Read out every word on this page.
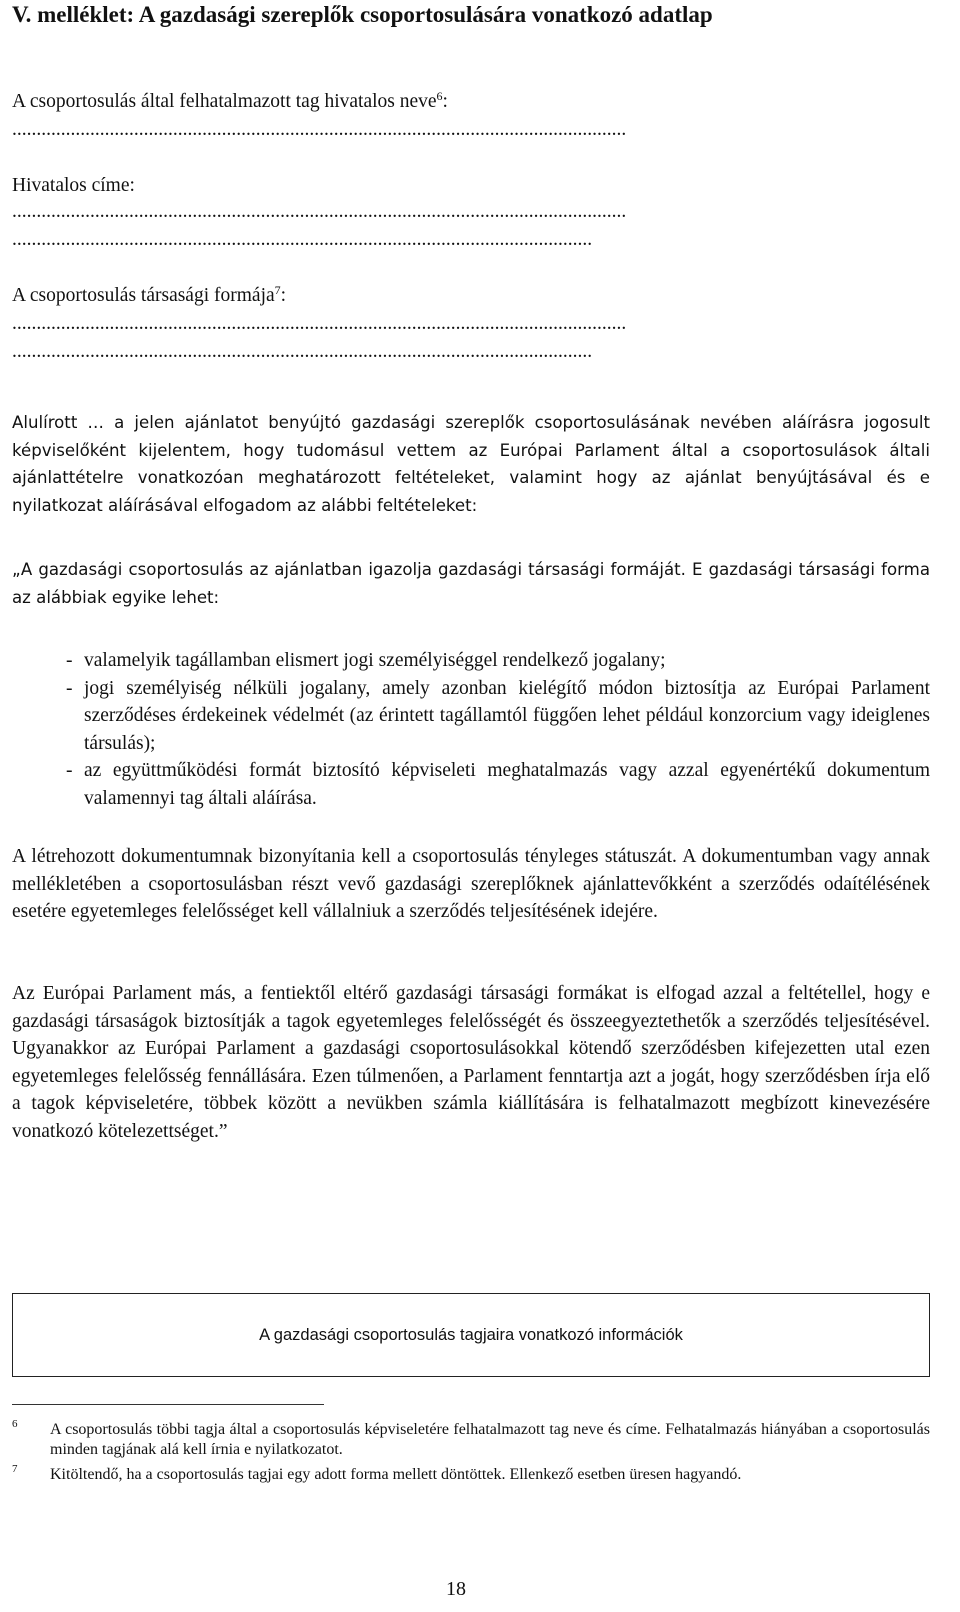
V. melléklet: A gazdasági szereplők csoportosulására vonatkozó adatlap
A csoportosulás által felhatalmazott tag hivatalos neve$^6$:
..............................................................................................................................
Hivatalos címe:
..............................................................................................................................
.......................................................................................................................
A csoportosulás társasági formája$^7$:
..............................................................................................................................
.......................................................................................................................
Alulírott … a jelen ajánlatot benyújtó gazdasági szereplők csoportosulásának nevében aláírásra jogosult képviselőként kijelentem, hogy tudomásul vettem az Európai Parlament által a csoportosulások általi ajánlattételre vonatkozóan meghatározott feltételeket, valamint hogy az ajánlat benyújtásával és e nyilatkozat aláírásával elfogadom az alábbi feltételeket:
„A gazdasági csoportosulás az ajánlatban igazolja gazdasági társasági formáját. E gazdasági társasági forma az alábbiak egyike lehet:
- valamelyik tagállamban elismert jogi személyiséggel rendelkező jogalany;
- jogi személyiség nélküli jogalany, amely azonban kielégítő módon biztosítja az Európai Parlament szerződéses érdekeinek védelmét (az érintett tagállamtól függően lehet például konzorcium vagy ideiglenes társulás);
- az együttműködési formát biztosító képviseleti meghatalmazás vagy azzal egyenértékű dokumentum valamennyi tag általi aláírása.
A létrehozott dokumentumnak bizonyítania kell a csoportosulás tényleges státuszát. A dokumentumban vagy annak mellékletében a csoportosulásban részt vevő gazdasági szereplőknek ajánlattevőkként a szerződés odaítélésének esetére egyetemleges felelősséget kell vállalniuk a szerződés teljesítésének idejére.
Az Európai Parlament más, a fentiektől eltérő gazdasági társasági formákat is elfogad azzal a feltétellel, hogy e gazdasági társaságok biztosítják a tagok egyetemleges felelősségét és összeegyeztethetők a szerződés teljesítésével. Ugyanakkor az Európai Parlament a gazdasági csoportosulásokkal kötendő szerződésben kifejezetten utal ezen egyetemleges felelősség fennállására. Ezen túlmenően, a Parlament fenntartja azt a jogát, hogy szerződésben írja elő a tagok képviseletére, többek között a nevükben számla kiállítására is felhatalmazott megbízott kinevezésére vonatkozó kötelezettséget.”
A gazdasági csoportosulás tagjaira vonatkozó információk
6 A csoportosulás többi tagja által a csoportosulás képviseletére felhatalmazott tag neve és címe. Felhatalmazás hiányában a csoportosulás minden tagjának alá kell írnia e nyilatkozatot.
7 Kitöltendő, ha a csoportosulás tagjai egy adott forma mellett döntöttek. Ellenkező esetben üresen hagyandó.
18
